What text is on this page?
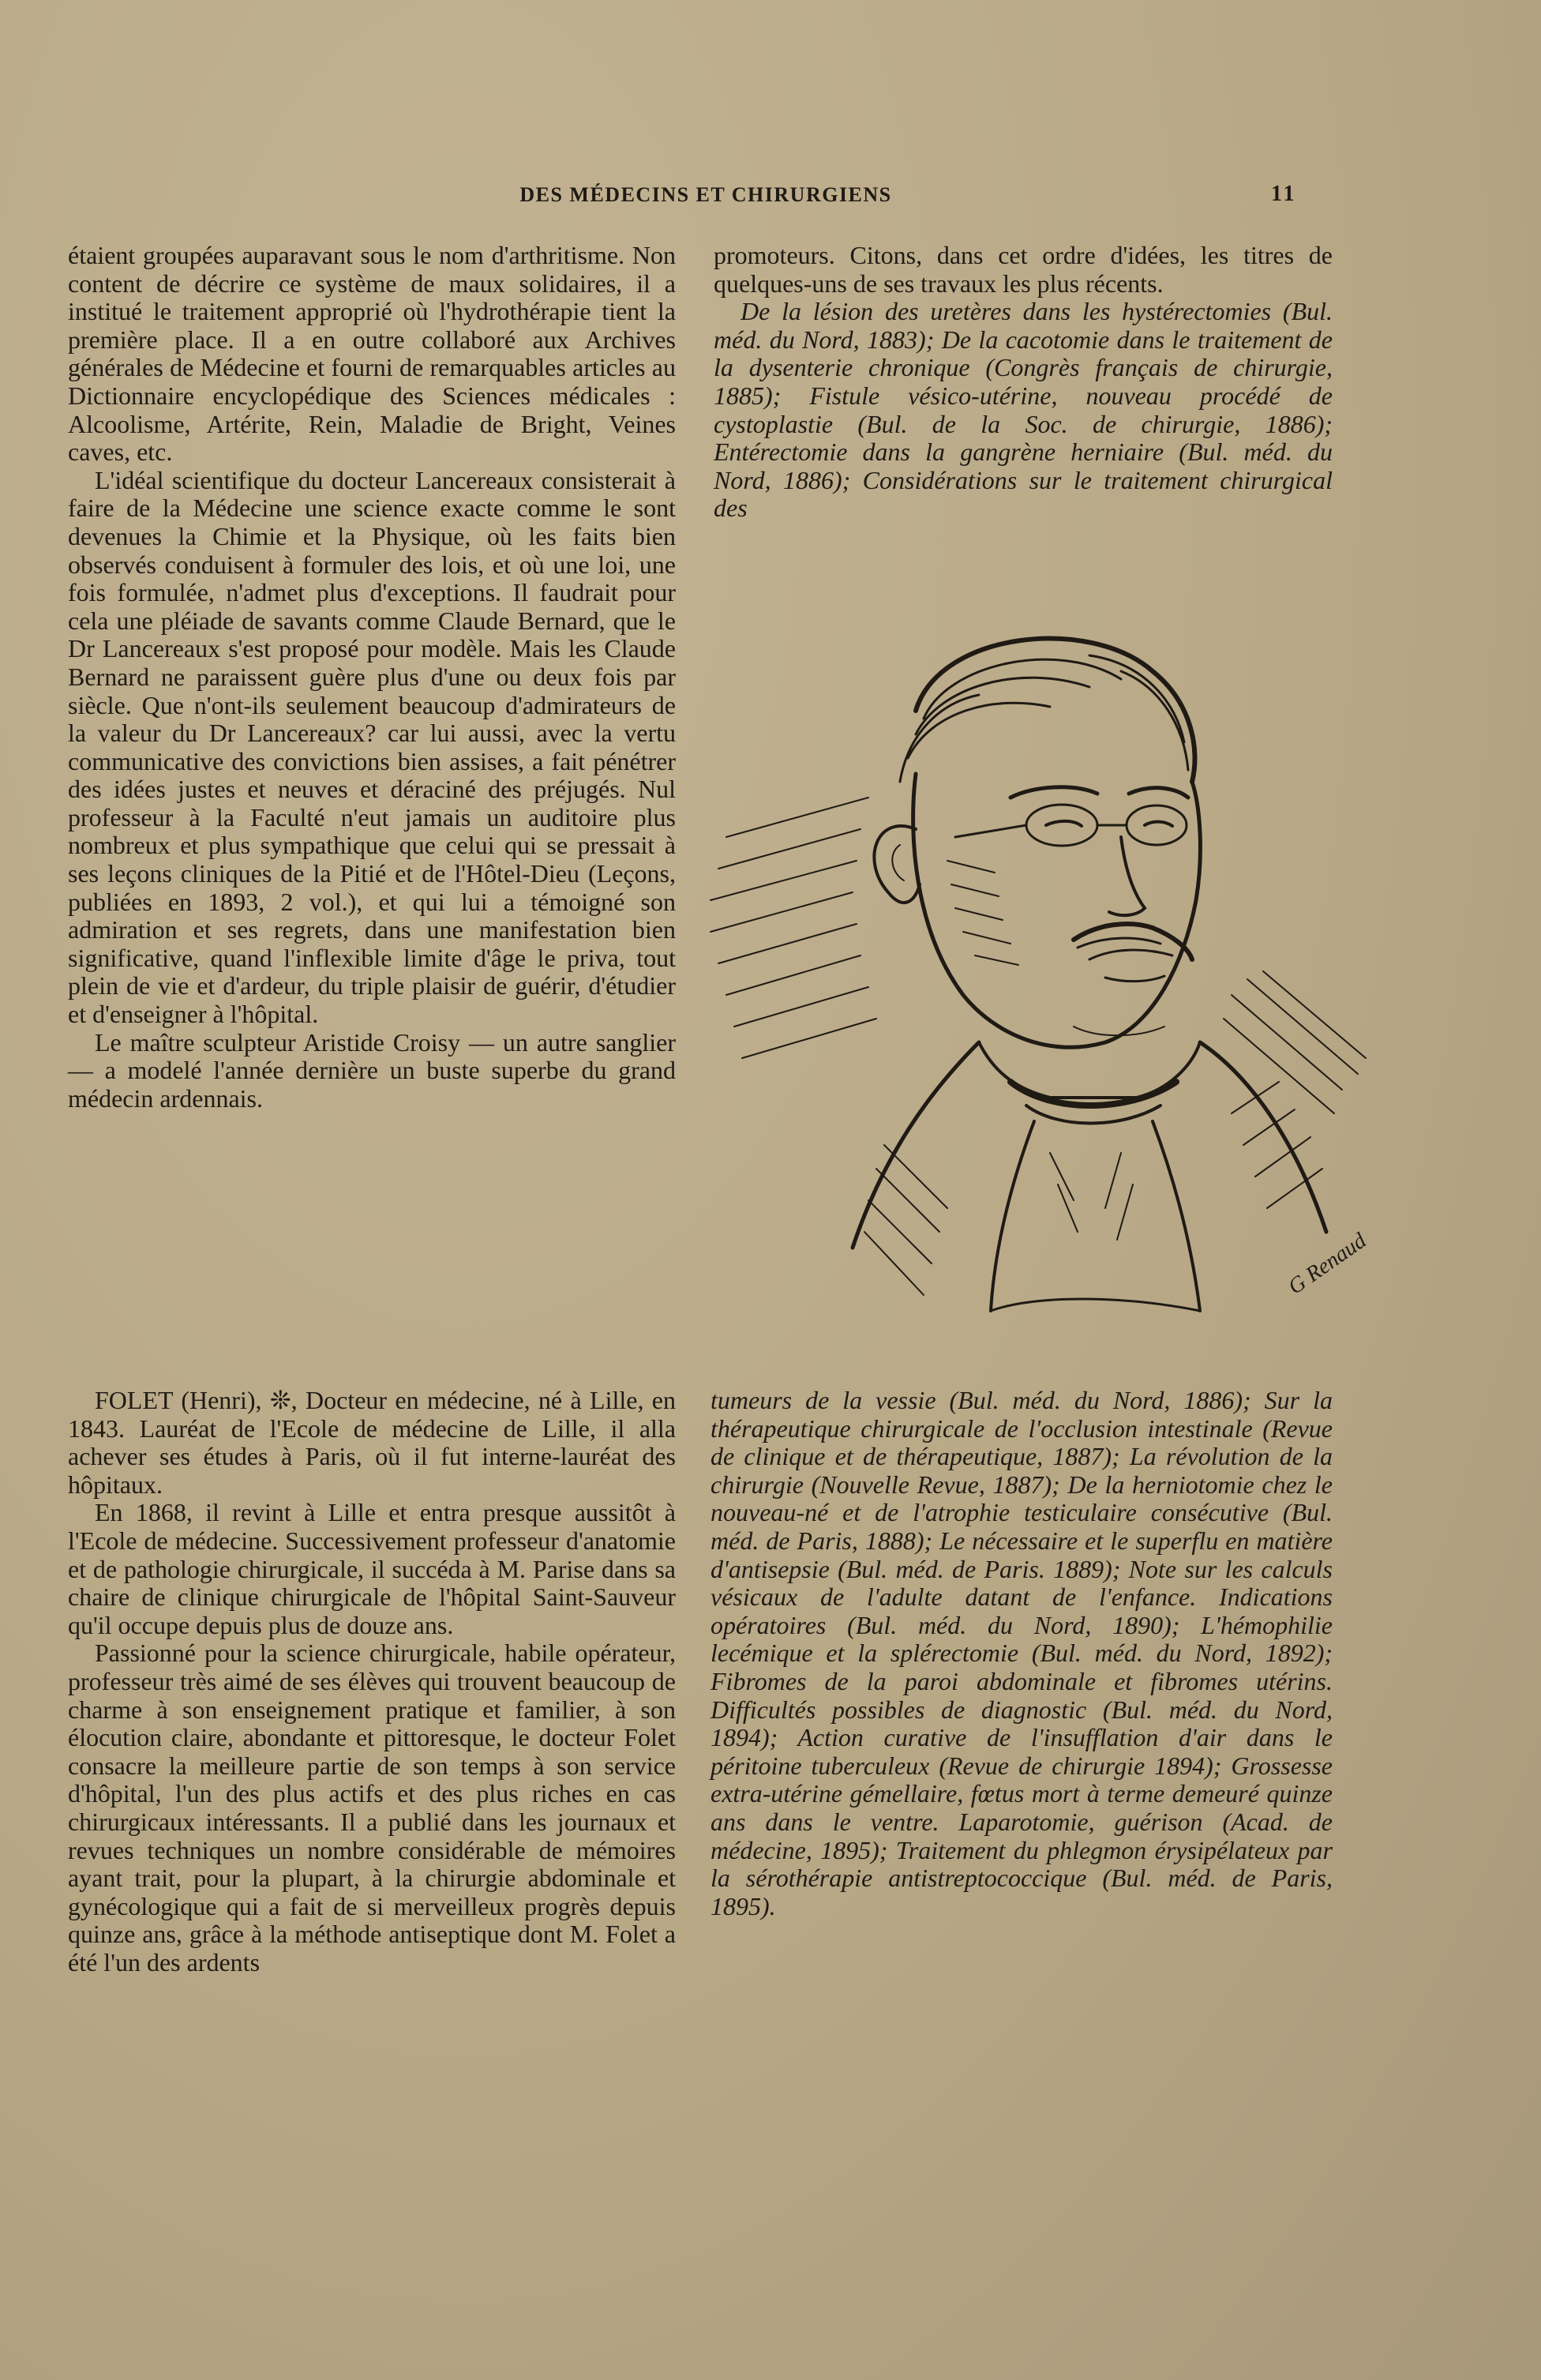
DES MÉDECINS ET CHIRURGIENS	11

étaient groupées auparavant sous le nom d'arthritisme. Non content de décrire ce système de maux solidaires, il a institué le traitement approprié où l'hydrothérapie tient la première place. Il a en outre collaboré aux Archives générales de Médecine et fourni de remarquables articles au Dictionnaire encyclopédique des Sciences médicales : Alcoolisme, Artérite, Rein, Maladie de Bright, Veines caves, etc.

L'idéal scientifique du docteur Lancereaux consisterait à faire de la Médecine une science exacte comme le sont devenues la Chimie et la Physique, où les faits bien observés conduisent à formuler des lois, et où une loi, une fois formulée, n'admet plus d'exceptions. Il faudrait pour cela une pléiade de savants comme Claude Bernard, que le Dr Lancereaux s'est proposé pour modèle. Mais les Claude Bernard ne paraissent guère plus d'une ou deux fois par siècle. Que n'ont-ils seulement beaucoup d'admirateurs de la valeur du Dr Lancereaux? car lui aussi, avec la vertu communicative des convictions bien assises, a fait pénétrer des idées justes et neuves et déraciné des préjugés. Nul professeur à la Faculté n'eut jamais un auditoire plus nombreux et plus sympathique que celui qui se pressait à ses leçons cliniques de la Pitié et de l'Hôtel-Dieu (Leçons, publiées en 1893, 2 vol.), et qui lui a témoigné son admiration et ses regrets, dans une manifestation bien significative, quand l'inflexible limite d'âge le priva, tout plein de vie et d'ardeur, du triple plaisir de guérir, d'étudier et d'enseigner à l'hôpital.

Le maître sculpteur Aristide Croisy — un autre sanglier — a modelé l'année dernière un buste superbe du grand médecin ardennais.

promoteurs. Citons, dans cet ordre d'idées, les titres de quelques-uns de ses travaux les plus récents.

De la lésion des uretères dans les hystérectomies (Bul. méd. du Nord, 1883); De la cacotomie dans le traitement de la dysenterie chronique (Congrès français de chirurgie, 1885); Fistule vésico-utérine, nouveau procédé de cystoplastie (Bul. de la Soc. de chirurgie, 1886); Entérectomie dans la gangrène herniaire (Bul. méd. du Nord, 1886); Considérations sur le traitement chirurgical des

G Renaud

FOLET (Henri), ❊, Docteur en médecine, né à Lille, en 1843. Lauréat de l'Ecole de médecine de Lille, il alla achever ses études à Paris, où il fut interne-lauréat des hôpitaux.

En 1868, il revint à Lille et entra presque aussitôt à l'Ecole de médecine. Successivement professeur d'anatomie et de pathologie chirurgicale, il succéda à M. Parise dans sa chaire de clinique chirurgicale de l'hôpital Saint-Sauveur qu'il occupe depuis plus de douze ans.

Passionné pour la science chirurgicale, habile opérateur, professeur très aimé de ses élèves qui trouvent beaucoup de charme à son enseignement pratique et familier, à son élocution claire, abondante et pittoresque, le docteur Folet consacre la meilleure partie de son temps à son service d'hôpital, l'un des plus actifs et des plus riches en cas chirurgicaux intéressants. Il a publié dans les journaux et revues techniques un nombre considérable de mémoires ayant trait, pour la plupart, à la chirurgie abdominale et gynécologique qui a fait de si merveilleux progrès depuis quinze ans, grâce à la méthode antiseptique dont M. Folet a été l'un des ardents

tumeurs de la vessie (Bul. méd. du Nord, 1886); Sur la thérapeutique chirurgicale de l'occlusion intestinale (Revue de clinique et de thérapeutique, 1887); La révolution de la chirurgie (Nouvelle Revue, 1887); De la herniotomie chez le nouveau-né et de l'atrophie testiculaire consécutive (Bul. méd. de Paris, 1888); Le nécessaire et le superflu en matière d'antisepsie (Bul. méd. de Paris. 1889); Note sur les calculs vésicaux de l'adulte datant de l'enfance. Indications opératoires (Bul. méd. du Nord, 1890); L'hémophilie lecémique et la splérectomie (Bul. méd. du Nord, 1892); Fibromes de la paroi abdominale et fibromes utérins. Difficultés possibles de diagnostic (Bul. méd. du Nord, 1894); Action curative de l'insufflation d'air dans le péritoine tuberculeux (Revue de chirurgie 1894); Grossesse extra-utérine gémellaire, fœtus mort à terme demeuré quinze ans dans le ventre. Laparotomie, guérison (Acad. de médecine, 1895); Traitement du phlegmon érysipélateux par la sérothérapie antistreptococcique (Bul. méd. de Paris, 1895).
